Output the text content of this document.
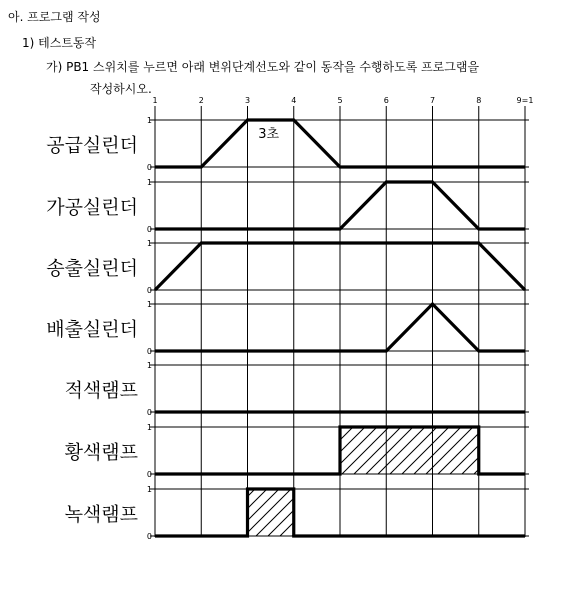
아. 프로그램 작성
1) 테스트동작
가) PB1 스위치를 누르면 아래 변위단계선도와 같이 동작을 수행하도록 프로그램을
작성하시오.
1	2	3	4	5	6	7	8	9=1
1
0
공급실린더
1
0
가공실린더
1
0
송출실린더
1
0
배출실린더
1
0
적색램프
1
0
황색램프
1
0
녹색램프
3초
